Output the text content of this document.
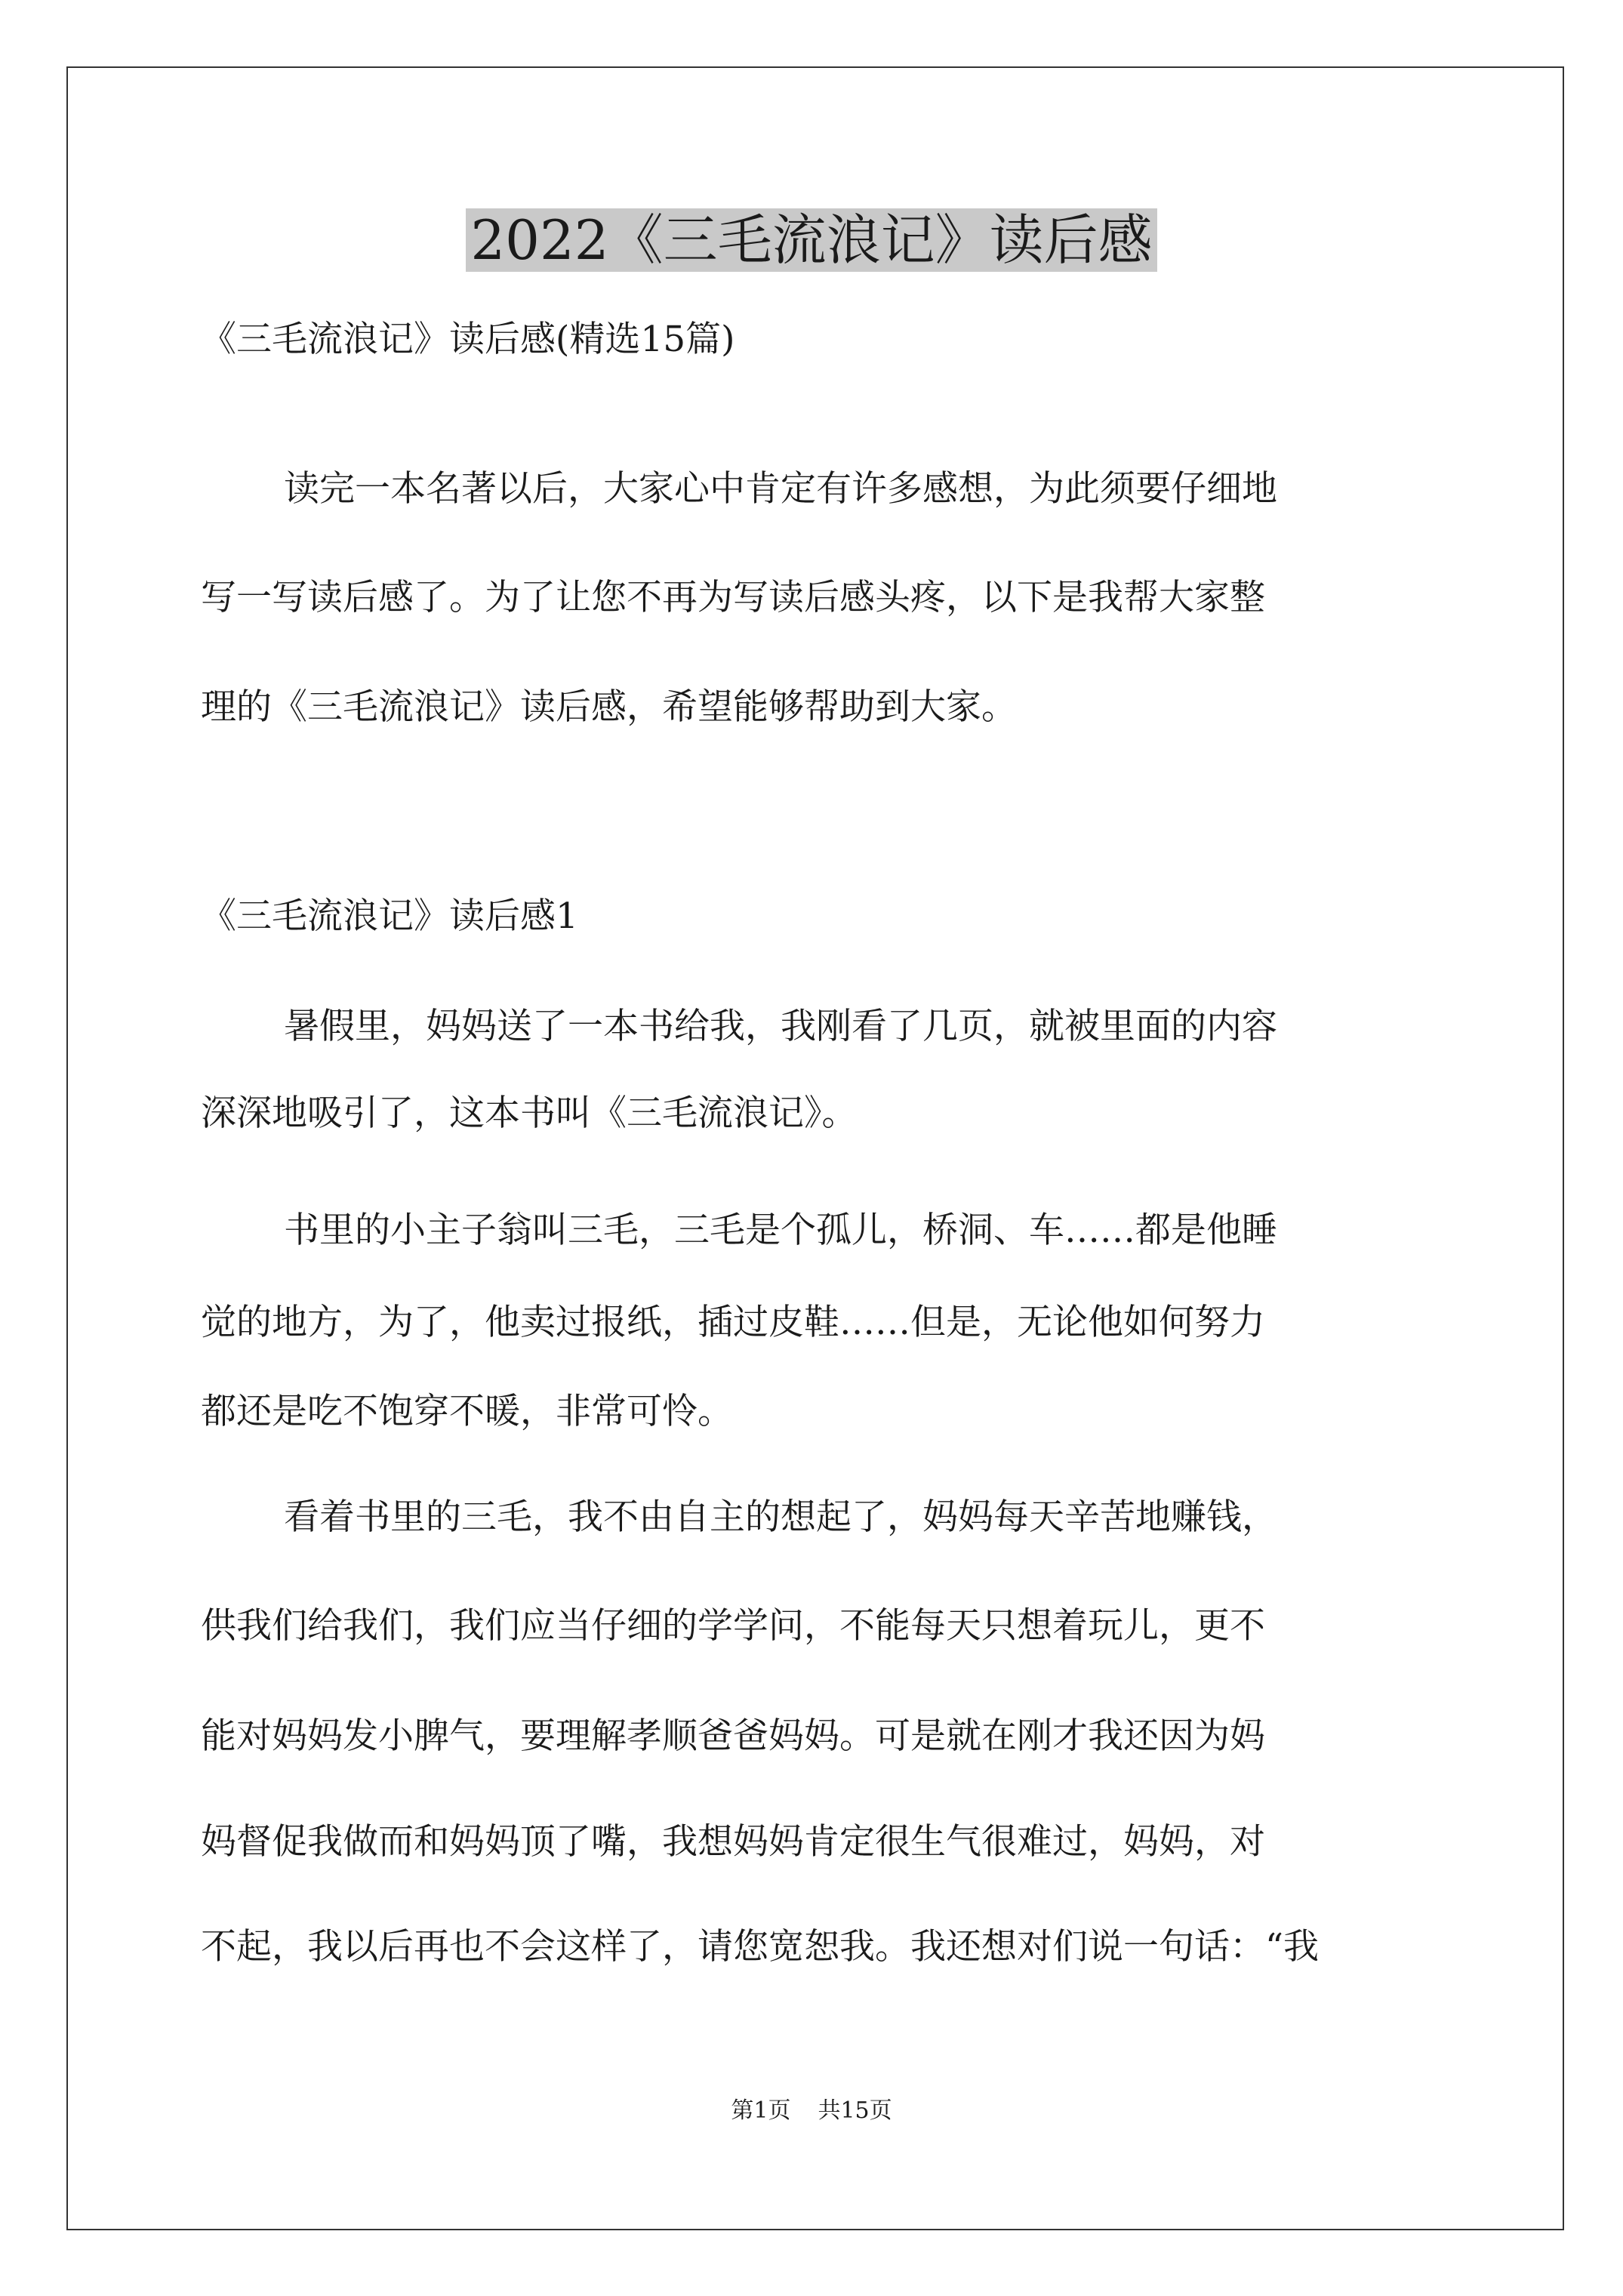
2022《三毛流浪记》读后感

《三毛流浪记》读后感(精选15篇)

读完一本名著以后，大家心中肯定有许多感想，为此须要仔细地

写一写读后感了。为了让您不再为写读后感头疼，以下是我帮大家整

理的《三毛流浪记》读后感，希望能够帮助到大家。

《三毛流浪记》读后感1

暑假里，妈妈送了一本书给我，我刚看了几页，就被里面的内容

深深地吸引了，这本书叫《三毛流浪记》。

书里的小主子翁叫三毛，三毛是个孤儿，桥洞、车……都是他睡

觉的地方，为了，他卖过报纸，插过皮鞋……但是，无论他如何努力

都还是吃不饱穿不暖，非常可怜。

看着书里的三毛，我不由自主的想起了，妈妈每天辛苦地赚钱，

供我们给我们，我们应当仔细的学学问，不能每天只想着玩儿，更不

能对妈妈发小脾气，要理解孝顺爸爸妈妈。可是就在刚才我还因为妈

妈督促我做而和妈妈顶了嘴，我想妈妈肯定很生气很难过，妈妈，对

不起，我以后再也不会这样了，请您宽恕我。我还想对们说一句话：“我

第1页 共15页
